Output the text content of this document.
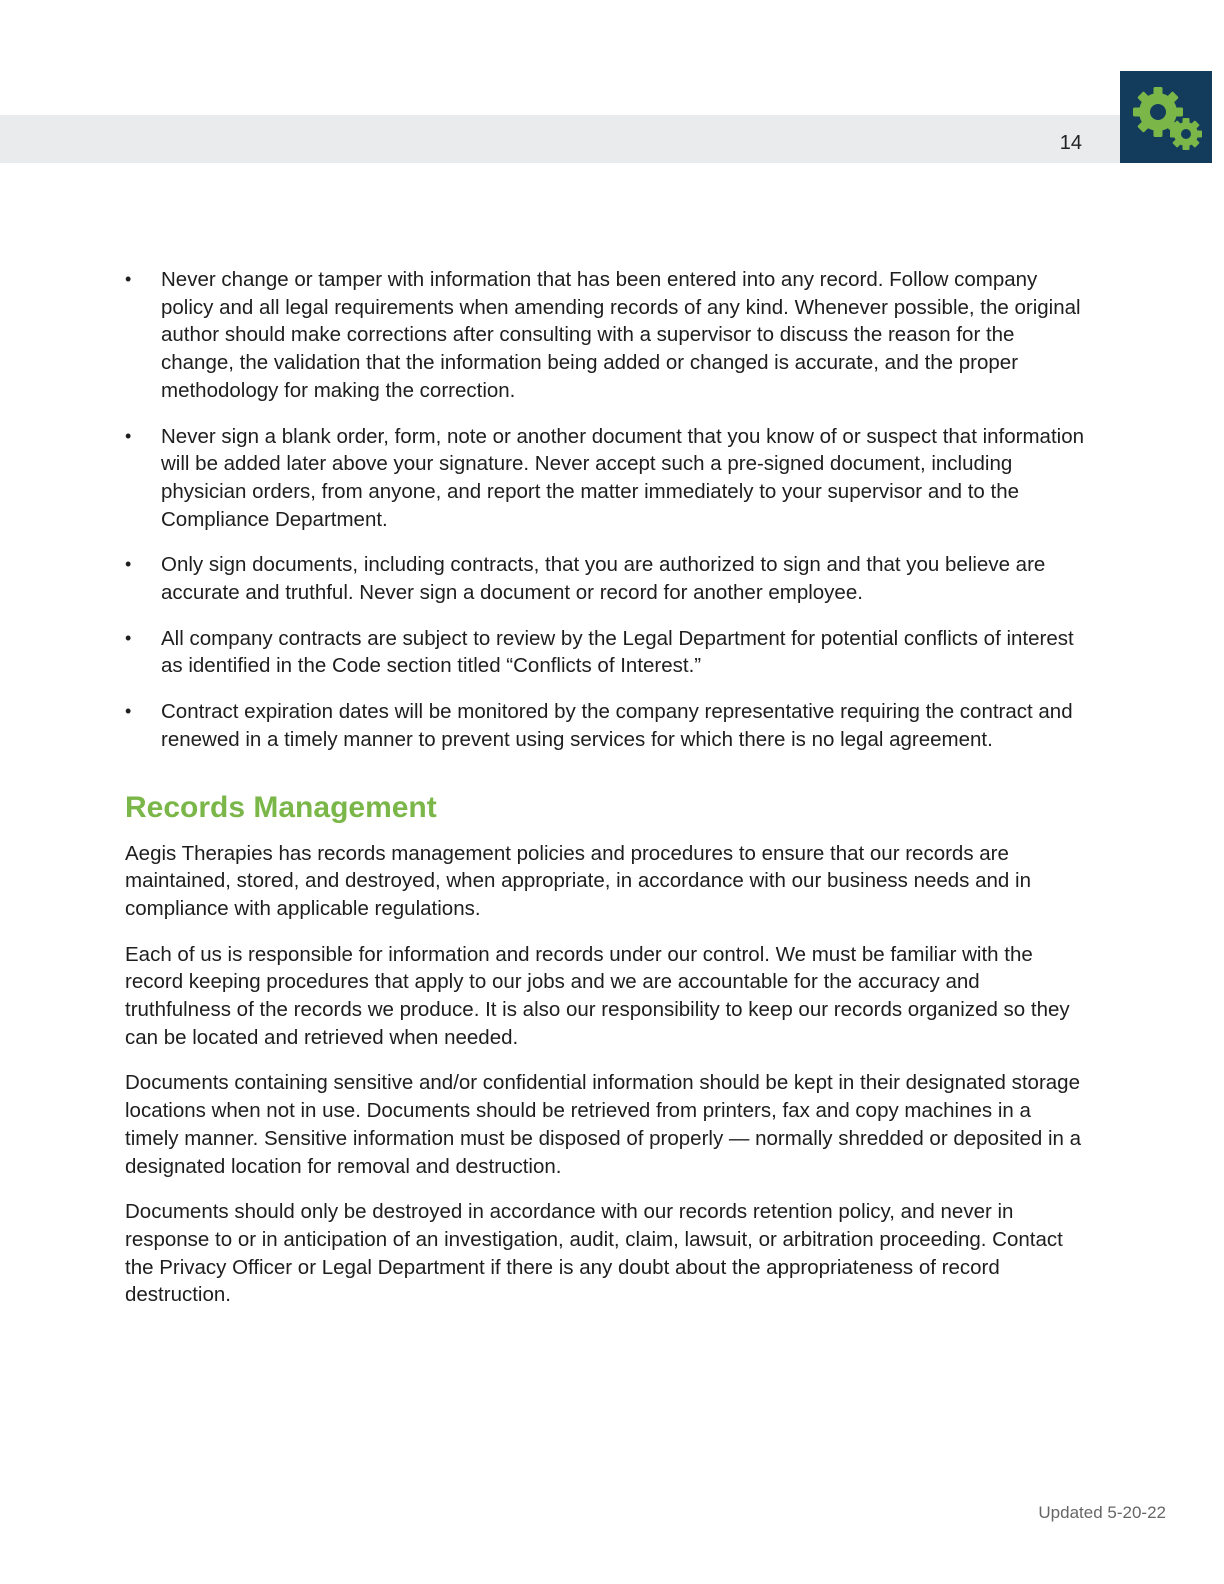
14
• Never change or tamper with information that has been entered into any record. Follow company policy and all legal requirements when amending records of any kind. Whenever possible, the original author should make corrections after consulting with a supervisor to discuss the reason for the change, the validation that the information being added or changed is accurate, and the proper methodology for making the correction.
• Never sign a blank order, form, note or another document that you know of or suspect that information will be added later above your signature. Never accept such a pre-signed document, including physician orders, from anyone, and report the matter immediately to your supervisor and to the Compliance Department.
• Only sign documents, including contracts, that you are authorized to sign and that you believe are accurate and truthful. Never sign a document or record for another employee.
• All company contracts are subject to review by the Legal Department for potential conflicts of interest as identified in the Code section titled “Conflicts of Interest.”
• Contract expiration dates will be monitored by the company representative requiring the contract and renewed in a timely manner to prevent using services for which there is no legal agreement.
Records Management

Aegis Therapies has records management policies and procedures to ensure that our records are maintained, stored, and destroyed, when appropriate, in accordance with our business needs and in compliance with applicable regulations.

Each of us is responsible for information and records under our control. We must be familiar with the record keeping procedures that apply to our jobs and we are accountable for the accuracy and truthfulness of the records we produce. It is also our responsibility to keep our records organized so they can be located and retrieved when needed.

Documents containing sensitive and/or confidential information should be kept in their designated storage locations when not in use. Documents should be retrieved from printers, fax and copy machines in a timely manner. Sensitive information must be disposed of properly — normally shredded or deposited in a designated location for removal and destruction.

Documents should only be destroyed in accordance with our records retention policy, and never in response to or in anticipation of an investigation, audit, claim, lawsuit, or arbitration proceeding. Contact the Privacy Officer or Legal Department if there is any doubt about the appropriateness of record destruction.

Updated 5-20-22
